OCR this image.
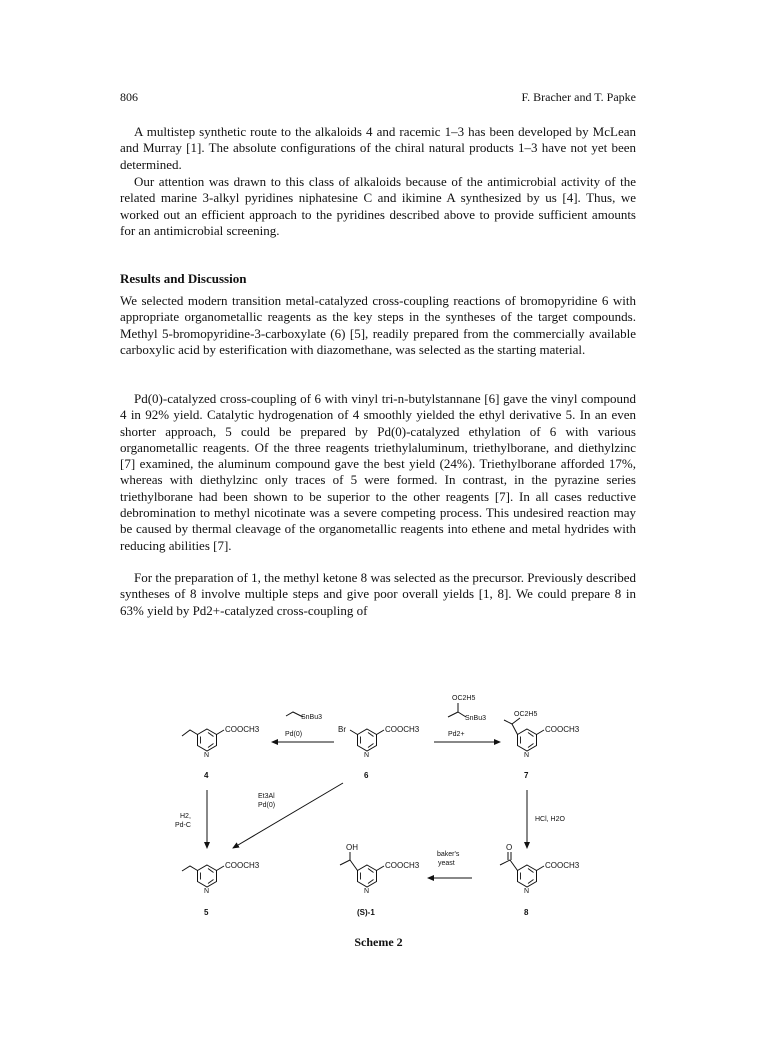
806	F. Bracher and T. Papke
A multistep synthetic route to the alkaloids 4 and racemic 1–3 has been developed by McLean and Murray [1]. The absolute configurations of the chiral natural products 1–3 have not yet been determined.
Our attention was drawn to this class of alkaloids because of the antimicrobial activity of the related marine 3-alkyl pyridines niphatesine C and ikimine A synthesized by us [4]. Thus, we worked out an efficient approach to the pyridines described above to provide sufficient amounts for an antimicrobial screening.
Results and Discussion
We selected modern transition metal-catalyzed cross-coupling reactions of bromopyridine 6 with appropriate organometallic reagents as the key steps in the syntheses of the target compounds. Methyl 5-bromopyridine-3-carboxylate (6) [5], readily prepared from the commercially available carboxylic acid by esterification with diazomethane, was selected as the starting material.
Pd(0)-catalyzed cross-coupling of 6 with vinyl tri-n-butylstannane [6] gave the vinyl compound 4 in 92% yield. Catalytic hydrogenation of 4 smoothly yielded the ethyl derivative 5. In an even shorter approach, 5 could be prepared by Pd(0)-catalyzed ethylation of 6 with various organometallic reagents. Of the three reagents triethylaluminum, triethylborane, and diethylzinc [7] examined, the aluminum compound gave the best yield (24%). Triethylborane afforded 17%, whereas with diethylzinc only traces of 5 were formed. In contrast, in the pyrazine series triethylborane had been shown to be superior to the other reagents [7]. In all cases reductive debromination to methyl nicotinate was a severe competing process. This undesired reaction may be caused by thermal cleavage of the organometallic reagents into ethene and metal hydrides with reducing abilities [7].
For the preparation of 1, the methyl ketone 8 was selected as the precursor. Previously described syntheses of 8 involve multiple steps and give poor overall yields [1, 8]. We could prepare 8 in 63% yield by Pd2+-catalyzed cross-coupling of
COOCH3
N
4
SnBu3
Pd(0)
Br	COOCH3
N
6
OC2H5
SnBu3
Pd2+
COOCH3
OC2H5
N
7
H2,
Pd-C
Et3Al
Pd(0)
HCl, H2O
COOCH3
N
5
OH
COOCH3
N
(S)-1
baker's
yeast
O
COOCH3
N
8
Scheme 2
